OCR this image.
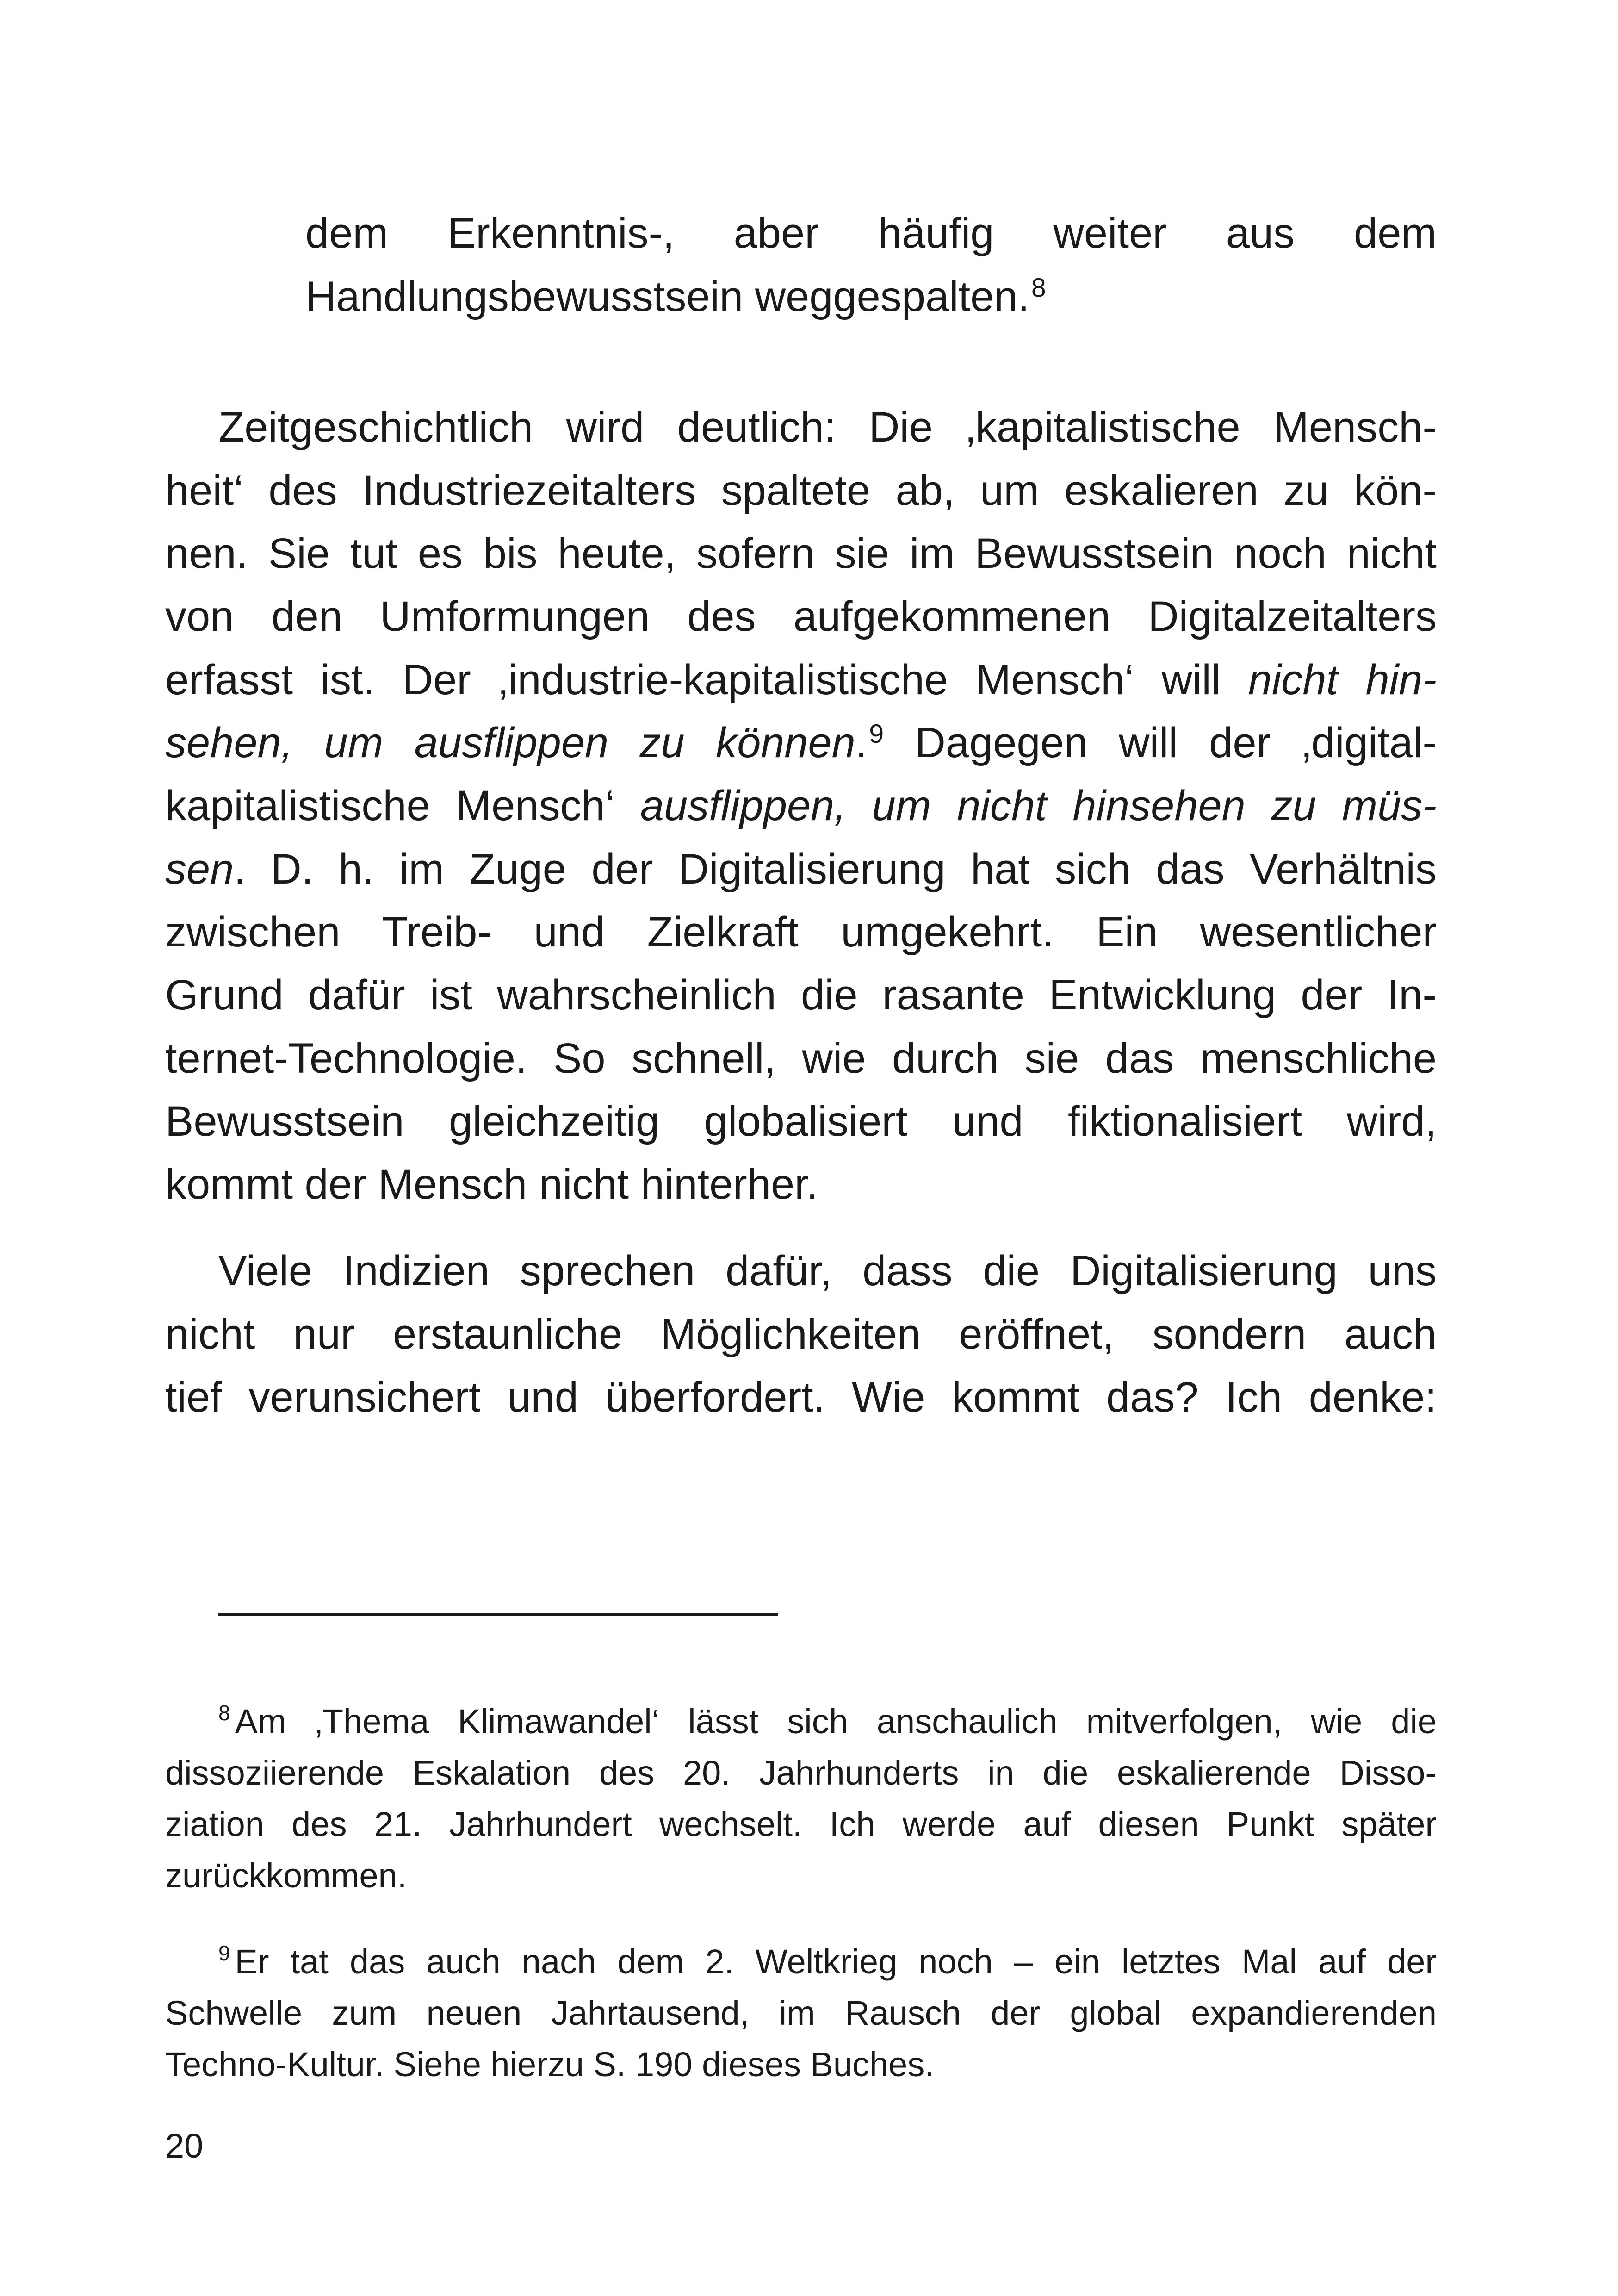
dem Erkenntnis-, aber häufig weiter aus dem
Handlungsbewusstsein weggespalten.$^8$
Zeitgeschichtlich wird deutlich: Die ‚kapitalistische Mensch-
heit‘ des Industriezeitalters spaltete ab, um eskalieren zu kön-
nen. Sie tut es bis heute, sofern sie im Bewusstsein noch nicht
von den Umformungen des aufgekommenen Digitalzeitalters
erfasst ist. Der ‚industrie-kapitalistische Mensch‘ will nicht hin-
sehen, um ausflippen zu können.$^9$ Dagegen will der ‚digital-
kapitalistische Mensch‘ ausflippen, um nicht hinsehen zu müs-
sen. D. h. im Zuge der Digitalisierung hat sich das Verhältnis
zwischen Treib- und Zielkraft umgekehrt. Ein wesentlicher
Grund dafür ist wahrscheinlich die rasante Entwicklung der In-
ternet-Technologie. So schnell, wie durch sie das menschliche
Bewusstsein gleichzeitig globalisiert und fiktionalisiert wird,
kommt der Mensch nicht hinterher.
Viele Indizien sprechen dafür, dass die Digitalisierung uns
nicht nur erstaunliche Möglichkeiten eröffnet, sondern auch
tief verunsichert und überfordert. Wie kommt das? Ich denke:
$^8$ Am ‚Thema Klimawandel‘ lässt sich anschaulich mitverfolgen, wie die
dissoziierende Eskalation des 20. Jahrhunderts in die eskalierende Disso-
ziation des 21. Jahrhundert wechselt. Ich werde auf diesen Punkt später
zurückkommen.
$^9$ Er tat das auch nach dem 2. Weltkrieg noch – ein letztes Mal auf der
Schwelle zum neuen Jahrtausend, im Rausch der global expandierenden
Techno-Kultur. Siehe hierzu S. 190 dieses Buches.
20
